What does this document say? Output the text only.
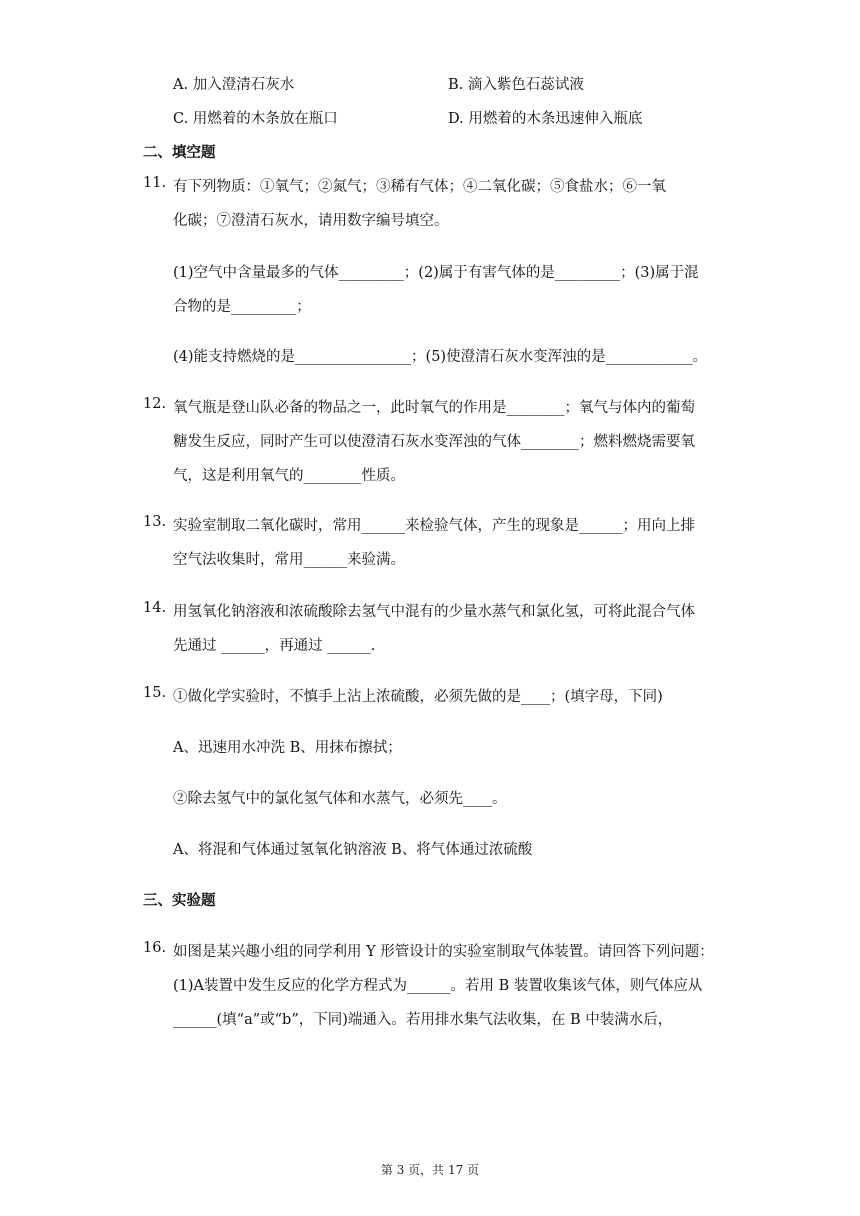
A. 加入澄清石灰水	B. 滴入紫色石蕊试液
C. 用燃着的木条放在瓶口	D. 用燃着的木条迅速伸入瓶底
二、填空题
11. 有下列物质：①氧气；②氮气；③稀有气体；④二氧化碳；⑤食盐水；⑥一氧
化碳；⑦澄清石灰水，请用数字编号填空。
(1)空气中含量最多的气体_________；(2)属于有害气体的是_________；(3)属于混
合物的是_________；
(4)能支持燃烧的是________________；(5)使澄清石灰水变浑浊的是____________。
12. 氧气瓶是登山队必备的物品之一，此时氧气的作用是________；氧气与体内的葡萄
糖发生反应，同时产生可以使澄清石灰水变浑浊的气体________；燃料燃烧需要氧
气，这是利用氧气的________性质。
13. 实验室制取二氧化碳时，常用______来检验气体，产生的现象是______；用向上排
空气法收集时，常用______来验满。
14. 用氢氧化钠溶液和浓硫酸除去氢气中混有的少量水蒸气和氯化氢，可将此混合气体
先通过 ______，再通过 ______.
15. ①做化学实验时，不慎手上沾上浓硫酸，必须先做的是____；(填字母，下同)
A、迅速用水冲洗 B、用抹布擦拭；
②除去氢气中的氯化氢气体和水蒸气，必须先____。
A、将混和气体通过氢氧化钠溶液 B、将气体通过浓硫酸
三、实验题
16. 如图是某兴趣小组的同学利用 Y 形管设计的实验室制取气体装置。请回答下列问题：
(1)A装置中发生反应的化学方程式为______。若用 B 装置收集该气体，则气体应从
______(填“a”或“b”，下同)端通入。若用排水集气法收集，在 B 中装满水后，
第 3 页，共 17 页
